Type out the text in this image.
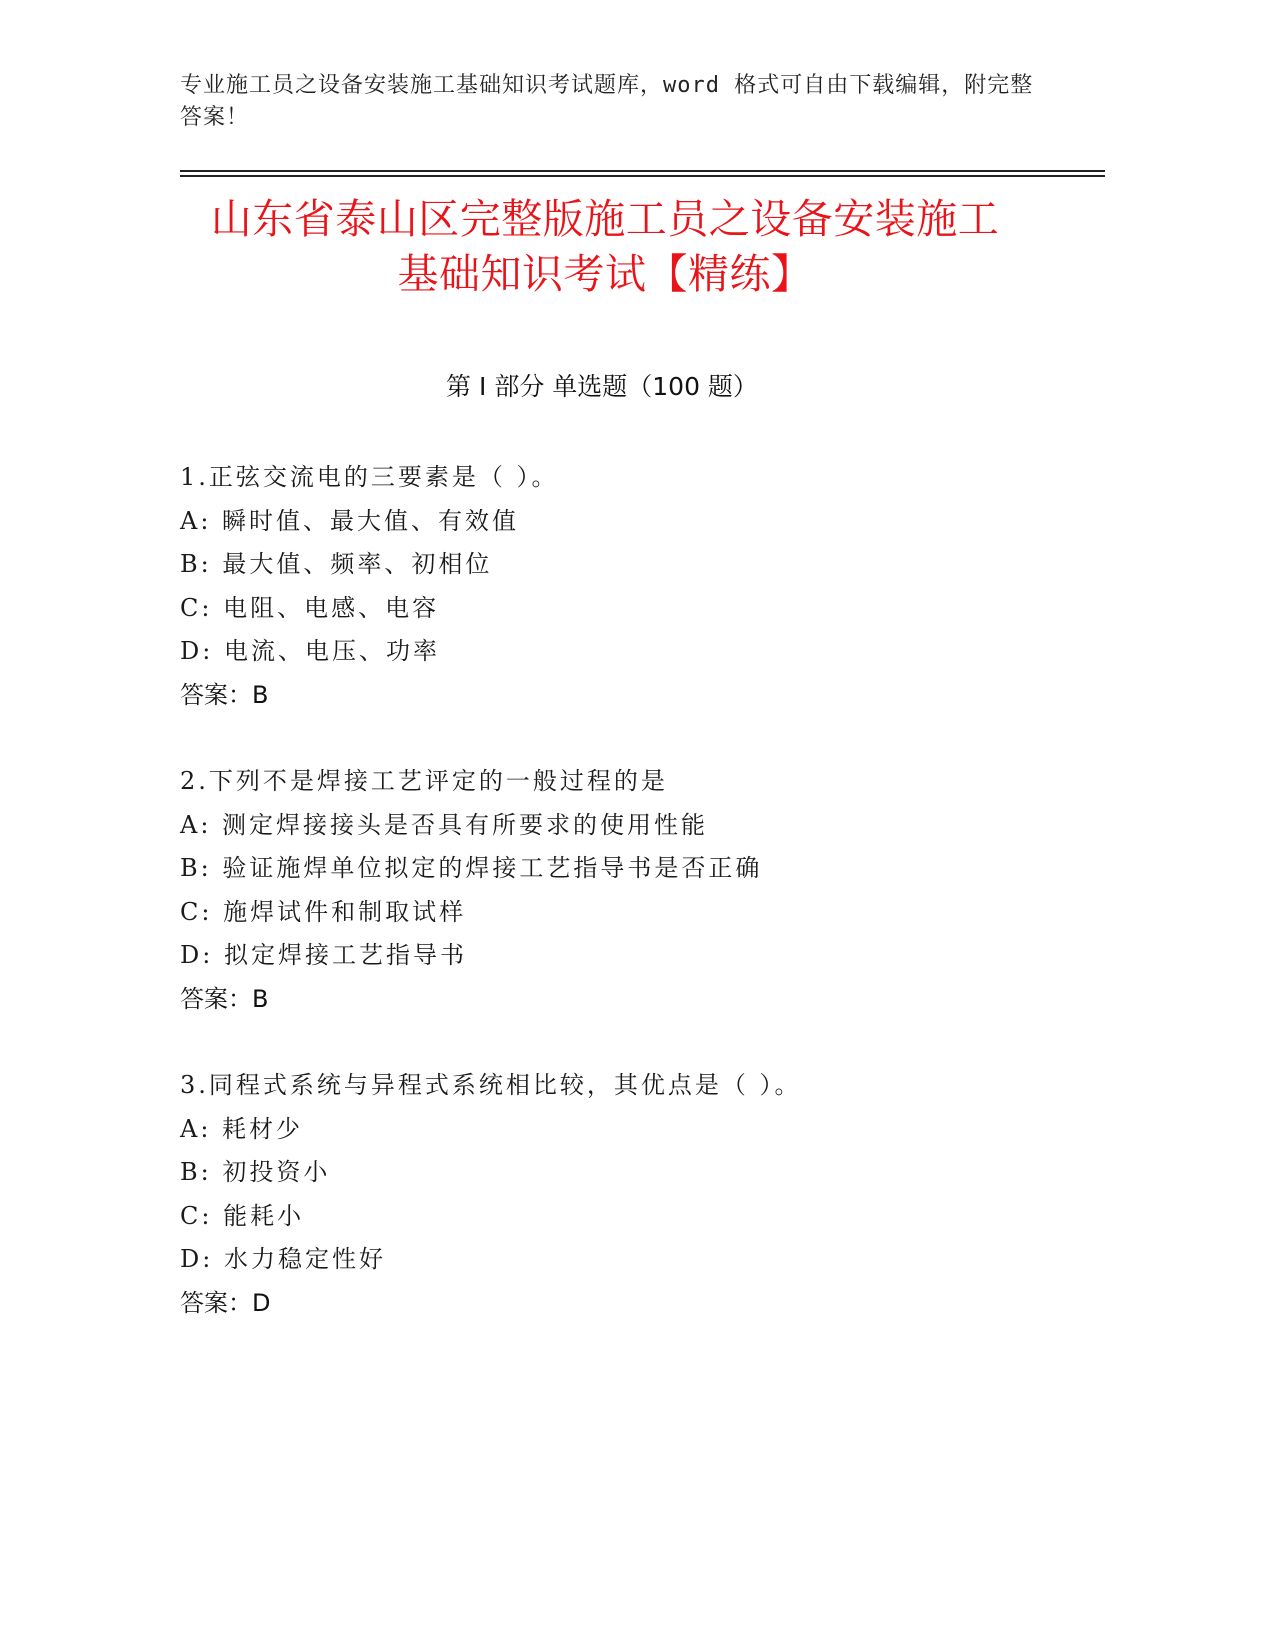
专业施工员之设备安装施工基础知识考试题库，word 格式可自由下载编辑，附完整答案！
山东省泰山区完整版施工员之设备安装施工
基础知识考试【精练】
第 I 部分 单选题（100 题）
1.正弦交流电的三要素是（ ）。
A: 瞬时值、最大值、有效值
B: 最大值、频率、初相位
C: 电阻、电感、电容
D: 电流、电压、功率
答案：B
2.下列不是焊接工艺评定的一般过程的是
A: 测定焊接接头是否具有所要求的使用性能
B: 验证施焊单位拟定的焊接工艺指导书是否正确
C: 施焊试件和制取试样
D: 拟定焊接工艺指导书
答案：B
3.同程式系统与异程式系统相比较，其优点是（ ）。
A: 耗材少
B: 初投资小
C: 能耗小
D: 水力稳定性好
答案：D
